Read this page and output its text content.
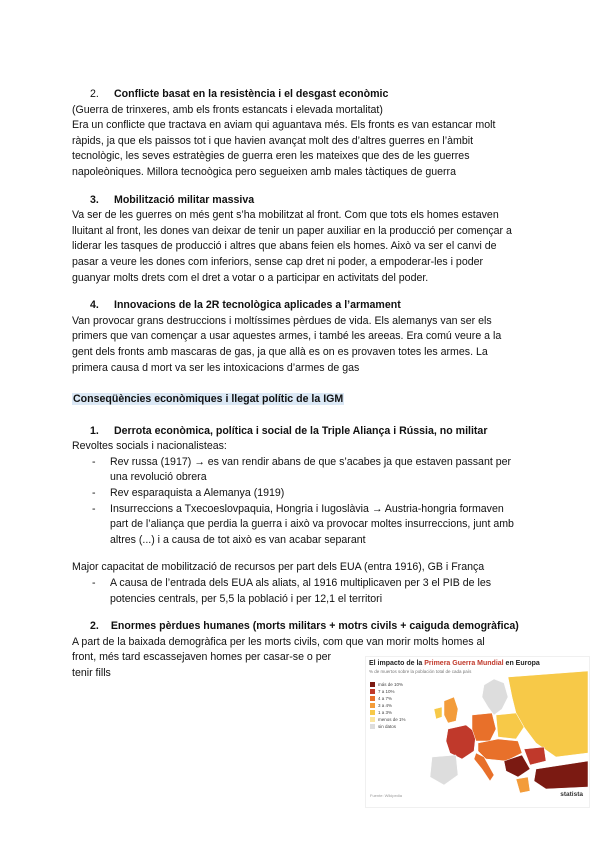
2. Conflicte basat en la resistència i el desgast econòmic

(Guerra de trinxeres, amb els fronts estancats i elevada mortalitat)

Era un conflicte que tractava en aviam qui aguantava més. Els fronts es van estancar molt ràpids, ja que els paissos tot i que havien avançat molt des d’altres guerres en l’àmbit tecnològic, les seves estratègies de guerra eren les mateixes que des de les guerres napoleòniques. Millora tecnoògica pero segueixen amb males tàctiques de guerra

3. Mobilització militar massiva

Va ser de les guerres on més gent s’ha mobilitzat al front. Com que tots els homes estaven lluitant al front, les dones van deixar de tenir un paper auxiliar en la producció per començar a liderar les tasques de producció i altres que abans feien els homes. Això va ser el canvi de pasar a veure les dones com inferiors, sense cap dret ni poder, a empoderar-les i poder guanyar molts drets com el dret a votar o a participar en activitats del poder.

4. Innovacions de la 2R tecnològica aplicades a l’armament

Van provocar grans destruccions i moltíssimes pèrdues de vida. Els alemanys van ser els primers que van començar a usar aquestes armes, i també les areeas. Era comú veure a la gent dels fronts amb mascaras de gas, ja que allà es on es provaven totes les armes. La primera causa d mort va ser les intoxicacions d’armes de gas

Conseqüències econòmiques i llegat polític de la IGM

1. Derrota econòmica, política i social de la Triple Aliança i Rússia, no militar

Revoltes socials i nacionalisteas:

- Rev russa (1917) → es van rendir abans de que s’acabes ja que estaven passant per una revolució obrera
- Rev esparaquista a Alemanya (1919)
- Insurreccions a Txecoeslovpaquia, Hongria i Iugoslàvia → Austria-hongria formaven part de l’aliança que perdia la guerra i això va provocar moltes insurreccions, junt amb altres (...) i a causa de tot això es van acabar separant

Major capacitat de mobilització de recursos per part dels EUA (entra 1916), GB i França

- A causa de l’entrada dels EUA als aliats, al 1916 multiplicaven per 3 el PIB de les potencies centrals, per 5,5 la població i per 12,1 el territori

2. Enormes pèrdues humanes (morts militars + motrs civils + caiguda demogràfica)

A part de la baixada demogràfica per les morts civils, com que van morir molts homes al

front, més tard escassejaven homes per casar-se o per

tenir fills

El impacto de la Primera Guerra Mundial en Europa
% de muertos sobre la población total de cada país
más de 10%
7 a 10%
4 a 7%
3 a 4%
1 a 3%
menos de 1%
sin datos
Fuente: Wikipedia	statista
